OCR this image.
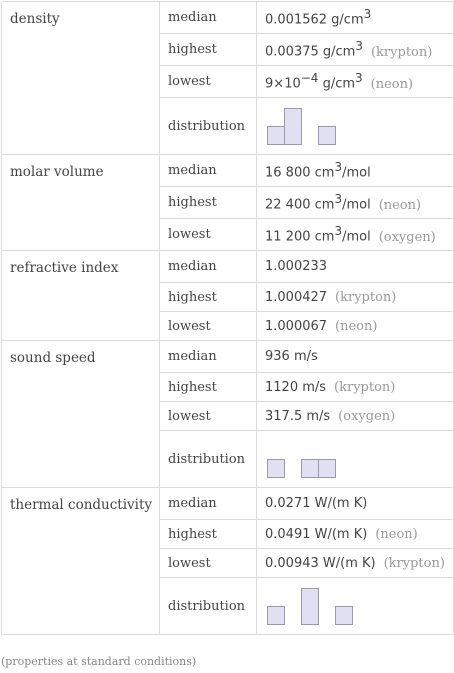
density	median	0.001562 $g/cm^3$
	highest	0.00375 $g/cm^3$ (krypton)
	lowest	$9\times 10^{-4}$ $g/cm^3$ (neon)
	distribution	

molar volume	median	16 800 $cm^3$/mol
	highest	22 400 $cm^3$/mol (neon)
	lowest	11 200 $cm^3$/mol (oxygen)
refractive index	median	1.000233
	highest	1.000427 (krypton)
	lowest	1.000067 (neon)
sound speed	median	936 m/s
	highest	1120 m/s (krypton)
	lowest	317.5 m/s (oxygen)
	distribution	

thermal conductivity	median	0.0271 W/(m K)
	highest	0.0491 W/(m K) (neon)
	lowest	0.00943 W/(m K) (krypton)
	distribution	
(properties at standard conditions)
